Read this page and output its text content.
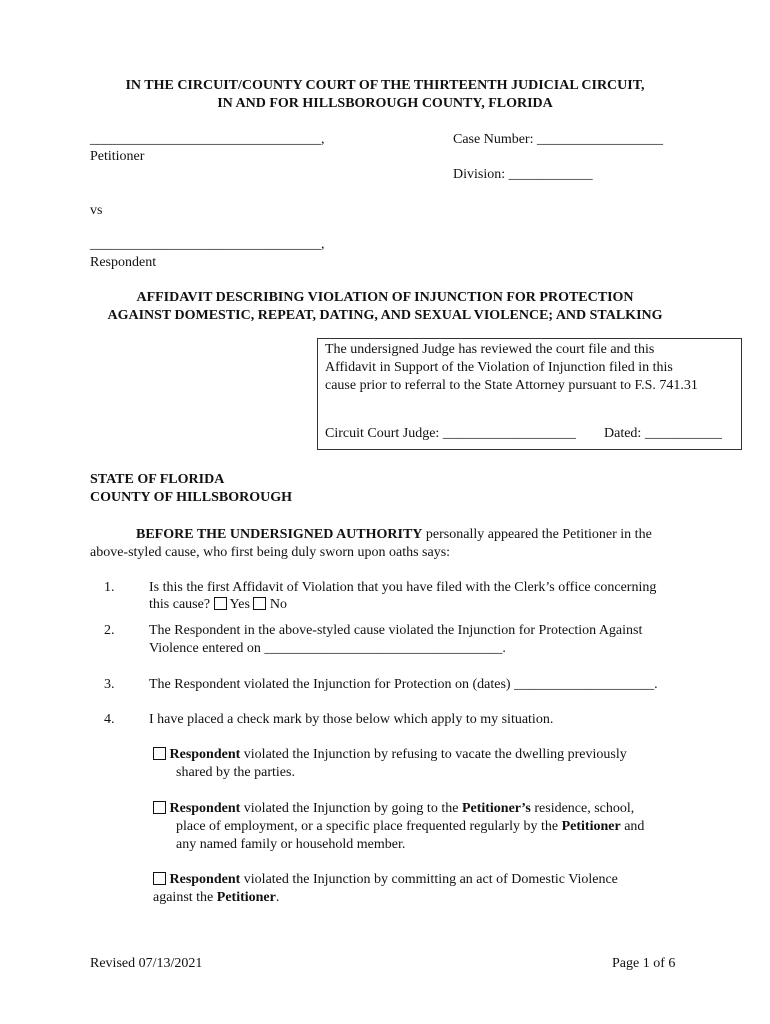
IN THE CIRCUIT/COUNTY COURT OF THE THIRTEENTH JUDICIAL CIRCUIT,
IN AND FOR HILLSBOROUGH COUNTY, FLORIDA
_________________________________,
Petitioner
Case Number: __________________
Division: ____________
vs
_________________________________,
Respondent
AFFIDAVIT DESCRIBING VIOLATION OF INJUNCTION FOR PROTECTION
AGAINST DOMESTIC, REPEAT, DATING, AND SEXUAL VIOLENCE; AND STALKING
The undersigned Judge has reviewed the court file and this
Affidavit in Support of the Violation of Injunction filed in this
cause prior to referral to the State Attorney pursuant to F.S. 741.31
Circuit Court Judge: ___________________ Dated: ___________
STATE OF FLORIDA
COUNTY OF HILLSBOROUGH
BEFORE THE UNDERSIGNED AUTHORITY personally appeared the Petitioner in the
above-styled cause, who first being duly sworn upon oaths says:
1. Is this the first Affidavit of Violation that you have filed with the Clerk’s office concerning
this cause? Yes No
2. The Respondent in the above-styled cause violated the Injunction for Protection Against
Violence entered on __________________________________.
3. The Respondent violated the Injunction for Protection on (dates) ____________________.
4. I have placed a check mark by those below which apply to my situation.
Respondent violated the Injunction by refusing to vacate the dwelling previously
shared by the parties.
Respondent violated the Injunction by going to the Petitioner’s residence, school,
place of employment, or a specific place frequented regularly by the Petitioner and
any named family or household member.
Respondent violated the Injunction by committing an act of Domestic Violence
against the Petitioner.
Revised 07/13/2021	Page 1 of 6
